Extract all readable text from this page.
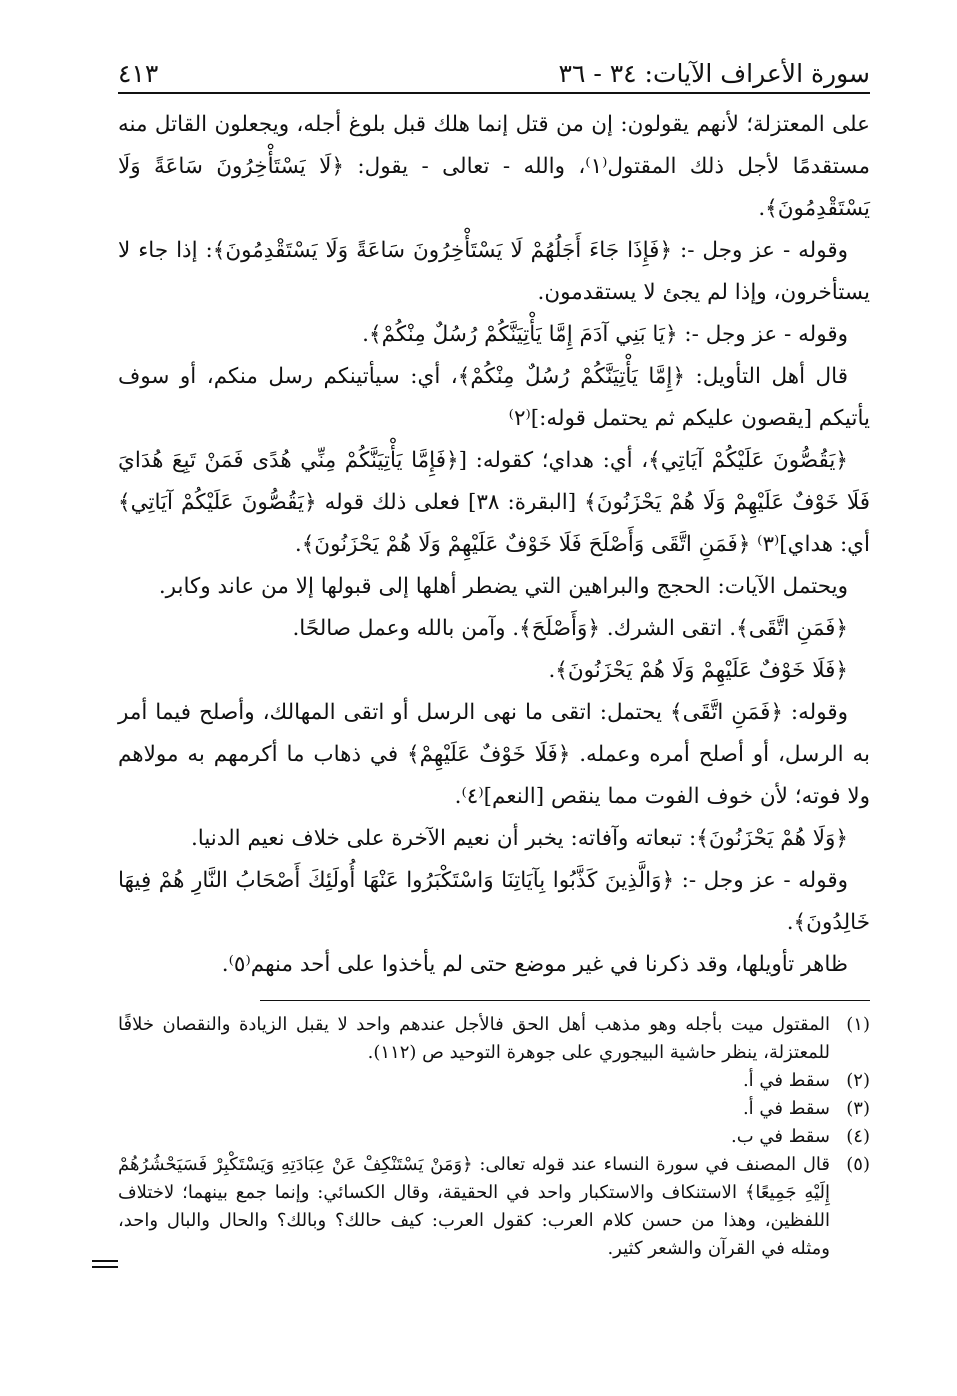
سورة الأعراف الآيات: ٣٤ - ٣٦
٤١٣

على المعتزلة؛ لأنهم يقولون: إن من قتل إنما هلك قبل بلوغ أجله، ويجعلون القاتل منه مستقدمًا لأجل ذلك المقتول⁽١⁾، والله - تعالى - يقول: ﴿لَا يَسْتَأْخِرُونَ سَاعَةً وَلَا يَسْتَقْدِمُونَ﴾.

وقوله - عز وجل -: ﴿فَإِذَا جَاءَ أَجَلُهُمْ لَا يَسْتَأْخِرُونَ سَاعَةً وَلَا يَسْتَقْدِمُونَ﴾: إذا جاء لا يستأخرون، وإذا لم يجئ لا يستقدمون.

وقوله - عز وجل -: ﴿يَا بَنِي آدَمَ إِمَّا يَأْتِيَنَّكُمْ رُسُلٌ مِنْكُمْ﴾.

قال أهل التأويل: ﴿إِمَّا يَأْتِيَنَّكُمْ رُسُلٌ مِنْكُمْ﴾، أي: سيأتينكم رسل منكم، أو سوف يأتيكم [يقصون عليكم ثم يحتمل قوله:]⁽٢⁾

﴿يَقُصُّونَ عَلَيْكُمْ آيَاتِي﴾، أي: هداي؛ كقوله: [﴿فَإِمَّا يَأْتِيَنَّكُمْ مِنِّي هُدًى فَمَنْ تَبِعَ هُدَايَ فَلَا خَوْفٌ عَلَيْهِمْ وَلَا هُمْ يَحْزَنُونَ﴾ [البقرة: ٣٨] فعلى ذلك قوله ﴿يَقُصُّونَ عَلَيْكُمْ آيَاتِي﴾ أي: هداي]⁽٣⁾ ﴿فَمَنِ اتَّقَى وَأَصْلَحَ فَلَا خَوْفٌ عَلَيْهِمْ وَلَا هُمْ يَحْزَنُونَ﴾.

ويحتمل الآيات: الحجج والبراهين التي يضطر أهلها إلى قبولها إلا من عاند وكابر.

﴿فَمَنِ اتَّقَى﴾. اتقى الشرك. ﴿وَأَصْلَحَ﴾. وآمن بالله وعمل صالحًا.

﴿فَلَا خَوْفٌ عَلَيْهِمْ وَلَا هُمْ يَحْزَنُونَ﴾.

وقوله: ﴿فَمَنِ اتَّقَى﴾ يحتمل: اتقى ما نهى الرسل أو اتقى المهالك، وأصلح فيما أمر به الرسل، أو أصلح أمره وعمله. ﴿فَلَا خَوْفٌ عَلَيْهِمْ﴾ في ذهاب ما أكرمهم به مولاهم ولا فوته؛ لأن خوف الفوت مما ينقص [النعم]⁽٤⁾.

﴿وَلَا هُمْ يَحْزَنُونَ﴾: تبعاته وآفاته: يخبر أن نعيم الآخرة على خلاف نعيم الدنيا.

وقوله - عز وجل -: ﴿وَالَّذِينَ كَذَّبُوا بِآيَاتِنَا وَاسْتَكْبَرُوا عَنْهَا أُولَئِكَ أَصْحَابُ النَّارِ هُمْ فِيهَا خَالِدُونَ﴾.

ظاهر تأويلها، وقد ذكرنا في غير موضع حتى لم يأخذوا على أحد منهم⁽٥⁾.

(١)
المقتول ميت بأجله وهو مذهب أهل الحق فالأجل عندهم واحد لا يقبل الزيادة والنقصان خلافًا للمعتزلة، ينظر حاشية البيجوري على جوهرة التوحيد ص (١١٢).
(٢)
سقط في أ.
(٣)
سقط في أ.
(٤)
سقط في ب.
(٥)
قال المصنف في سورة النساء عند قوله تعالى: ﴿وَمَنْ يَسْتَنْكِفْ عَنْ عِبَادَتِهِ وَيَسْتَكْبِرْ فَسَيَحْشُرُهُمْ إِلَيْهِ جَمِيعًا﴾ الاستنكاف والاستكبار واحد في الحقيقة، وقال الكسائي: وإنما جمع بينهما؛ لاختلاف اللفظين، وهذا من حسن كلام العرب: كقول العرب: كيف حالك؟ وبالك؟ والحال والبال واحد، ومثله في القرآن والشعر كثير.
